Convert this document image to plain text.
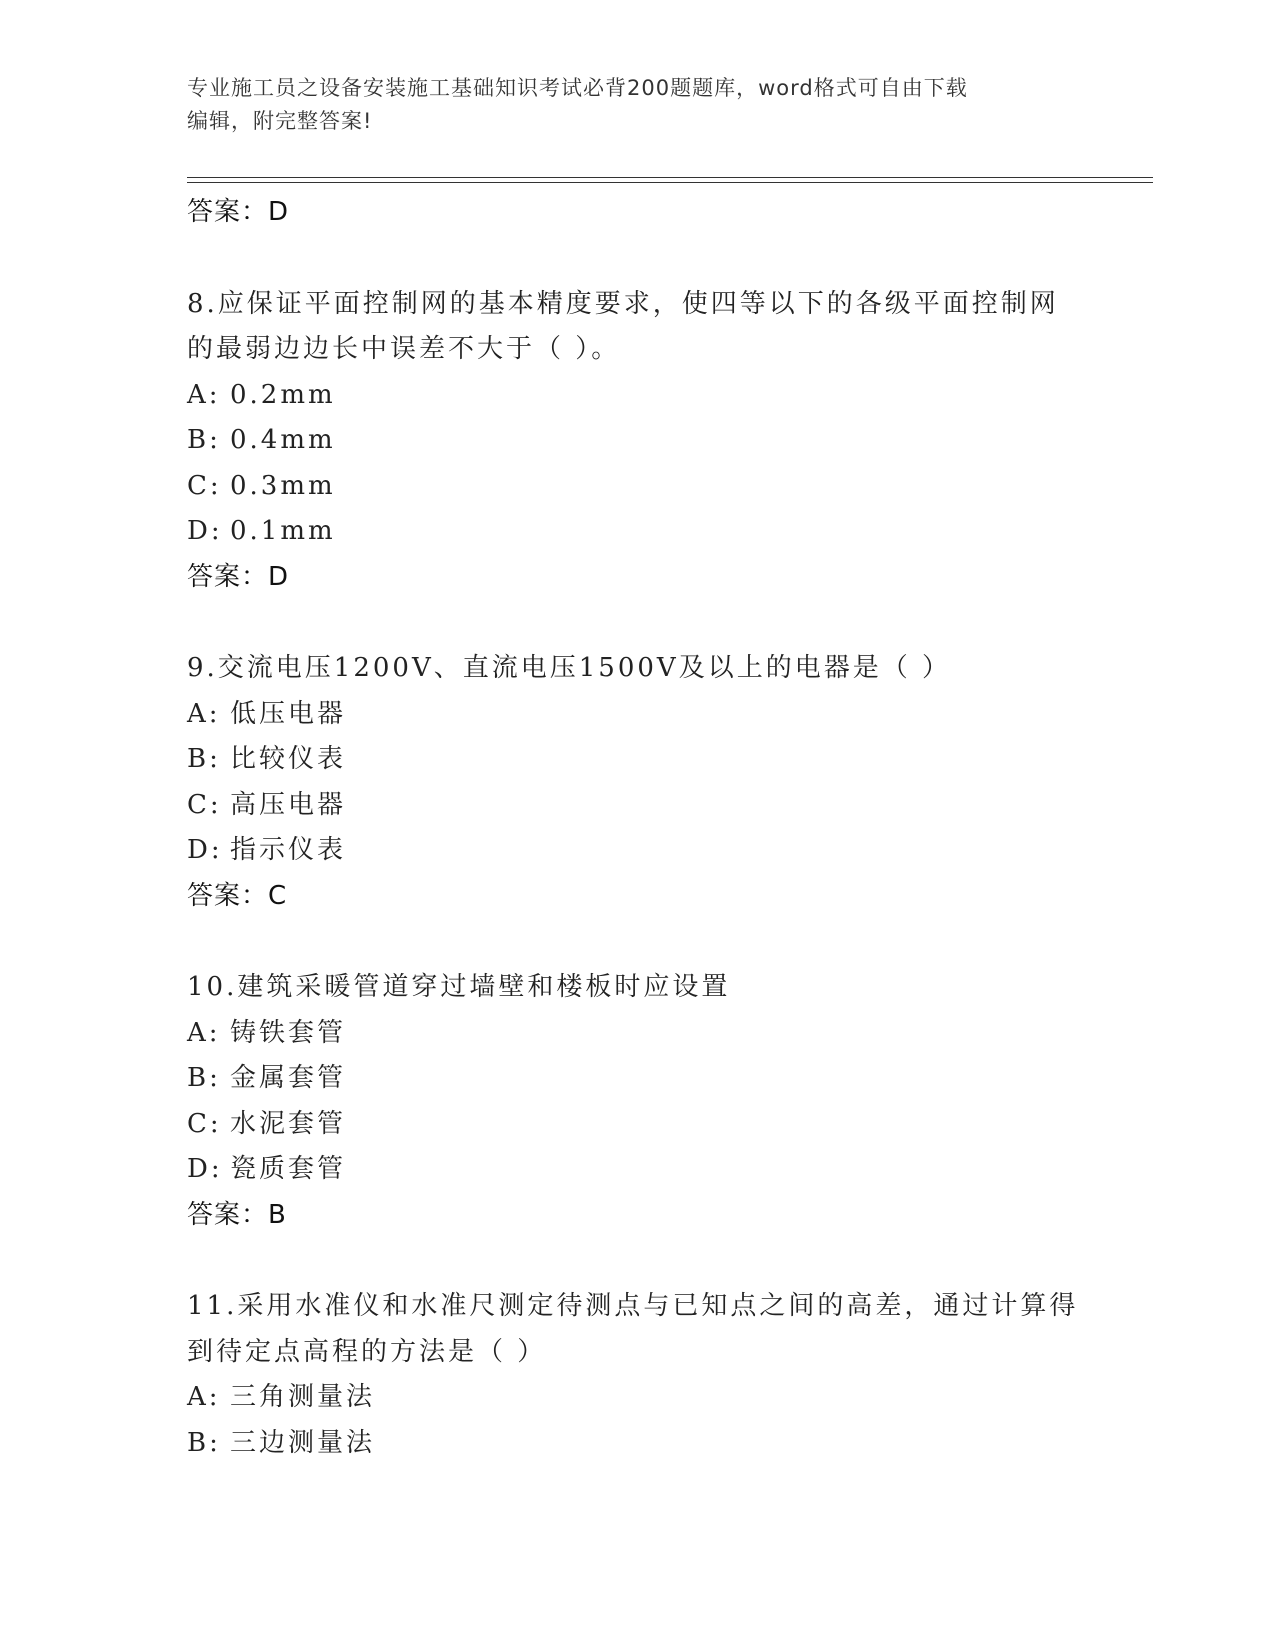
专业施工员之设备安装施工基础知识考试必背200题题库，word格式可自由下载
编辑，附完整答案!
答案：D
8.应保证平面控制网的基本精度要求，使四等以下的各级平面控制网
的最弱边边长中误差不大于（ ）。
A: 0.2mm
B: 0.4mm
C: 0.3mm
D: 0.1mm
答案：D
9.交流电压1200V、直流电压1500V及以上的电器是（ ）
A: 低压电器
B: 比较仪表
C: 高压电器
D: 指示仪表
答案：C
10.建筑采暖管道穿过墙壁和楼板时应设置
A: 铸铁套管
B: 金属套管
C: 水泥套管
D: 瓷质套管
答案：B
11.采用水准仪和水准尺测定待测点与已知点之间的高差，通过计算得
到待定点高程的方法是（ ）
A: 三角测量法
B: 三边测量法
